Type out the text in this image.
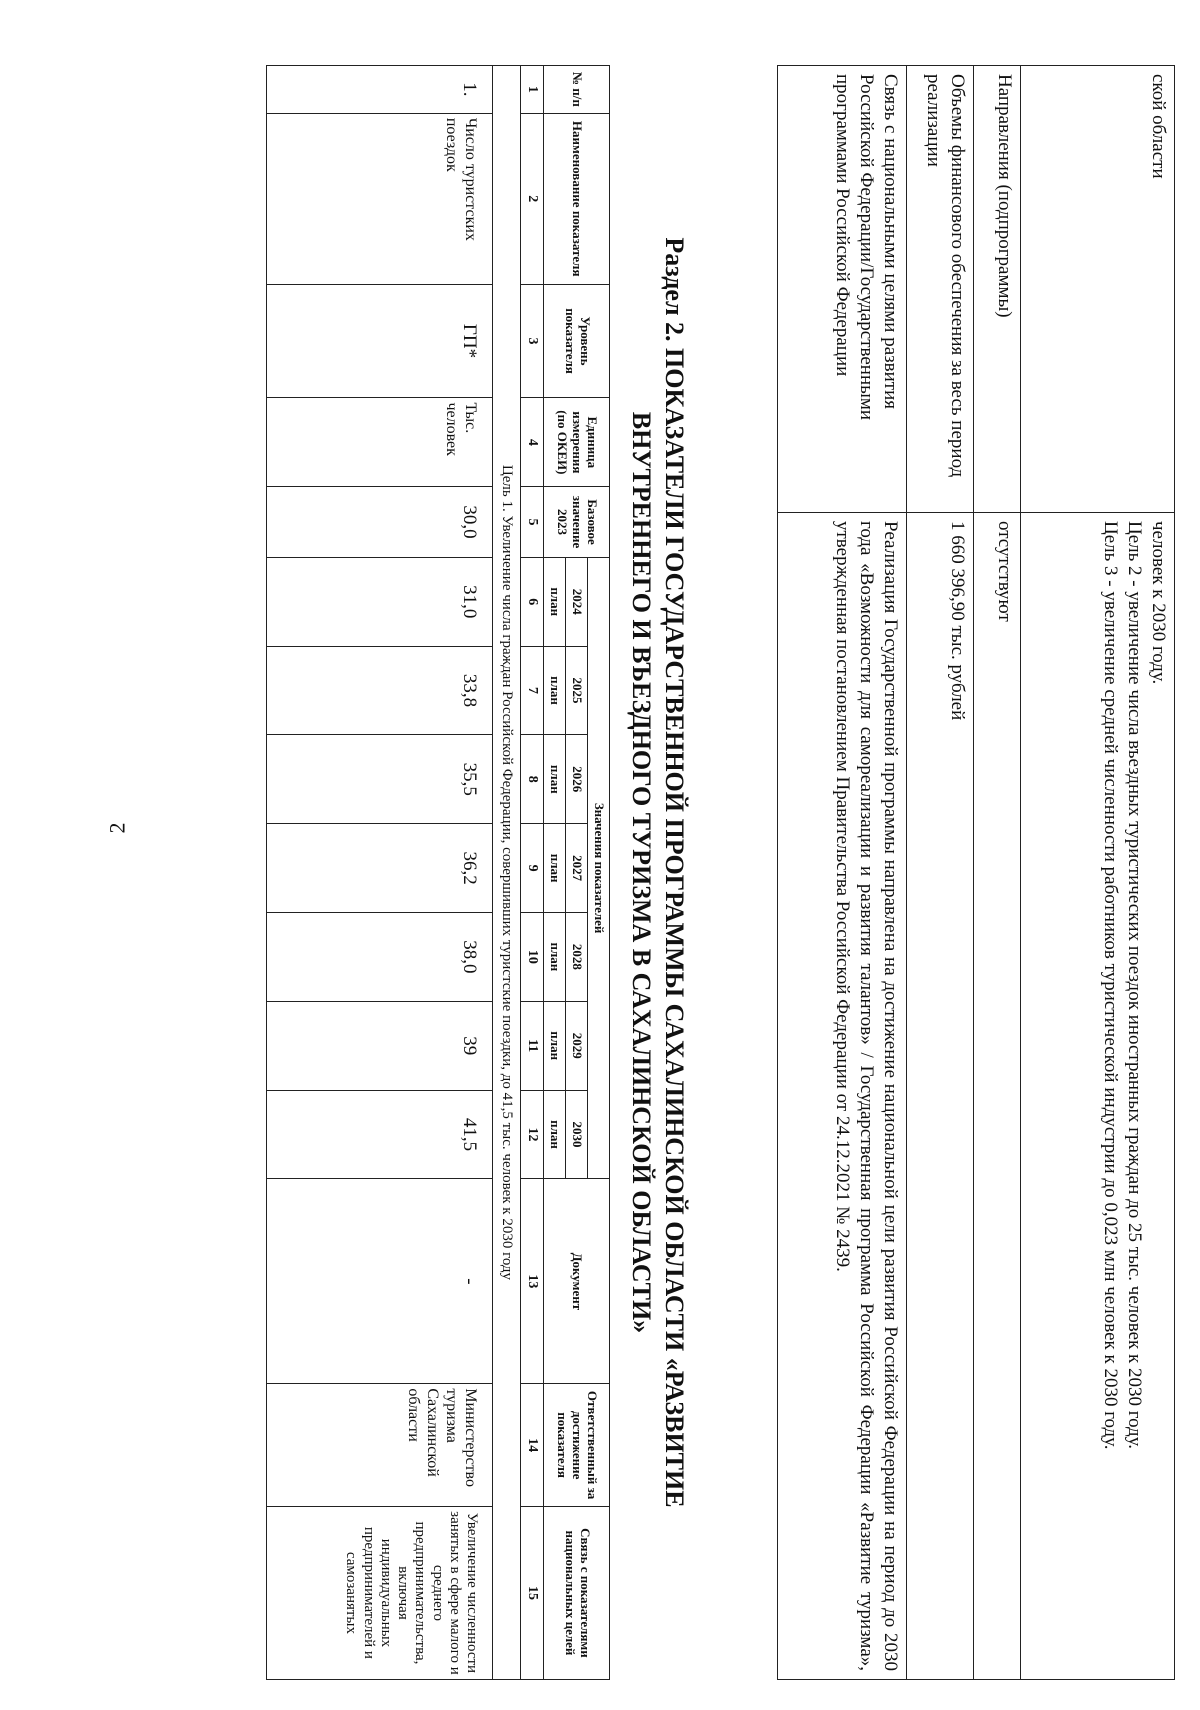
2
ской области	человек к 2030 году.
Цель 2 - увеличение числа въездных туристических поездок иностранных граждан до 25 тыс. человек к 2030 году.
Цель 3 - увеличение средней численности работников туристической индустрии до 0,023 млн человек к 2030 году.

Направления (подпрограммы)	отсутствуют
Объемы финансового обеспечения за весь период реализации	1 660 396,90 тыс. рублей
Связь с национальными целями развития Российской Федерации/Государственными программами Российской Федерации	Реализация Государственной программы направлена на достижение национальной цели развития Российской Федерации на период до 2030 года «Возможности для самореализации и развития талантов» / Государственная программа Российской Федерации «Развитие туризма», утвержденная постановлением Правительства Российской Федерации от 24.12.2021 № 2439.
Раздел 2. ПОКАЗАТЕЛИ ГОСУДАРСТВЕННОЙ ПРОГРАММЫ САХАЛИНСКОЙ ОБЛАСТИ «РАЗВИТИЕ
ВНУТРЕННЕГО И ВЪЕЗДНОГО ТУРИЗМА В САХАЛИНСКОЙ ОБЛАСТИ»
№ п/п	Наименование показателя	Уровень показателя	Единица измерения (по ОКЕИ)	Базовое значение 2023	Значения показателей							Документ	Ответственный за достижение показателя	Связь с показателями национальных целей
					2024	2025	2026	2027	2028	2029	2030			
					план	план	план	план	план	план	план			
1	2	3	4	5	6	7	8	9	10	11	12	13	14	15
Цель 1. Увеличение числа граждан Российской Федерации, совершивших туристские поездки, до 41,5 тыс. человек к 2030 году														
1.	Число туристских поездок	ГП*	Тыс. человек	30,0	31,0	33,8	35,5	36,2	38,0	39	41,5	-	Министерство туризма Сахалинской области	Увеличение численности занятых в сфере малого и среднего предпринимательства, включая индивидуальных предпринимателей и самозанятых
